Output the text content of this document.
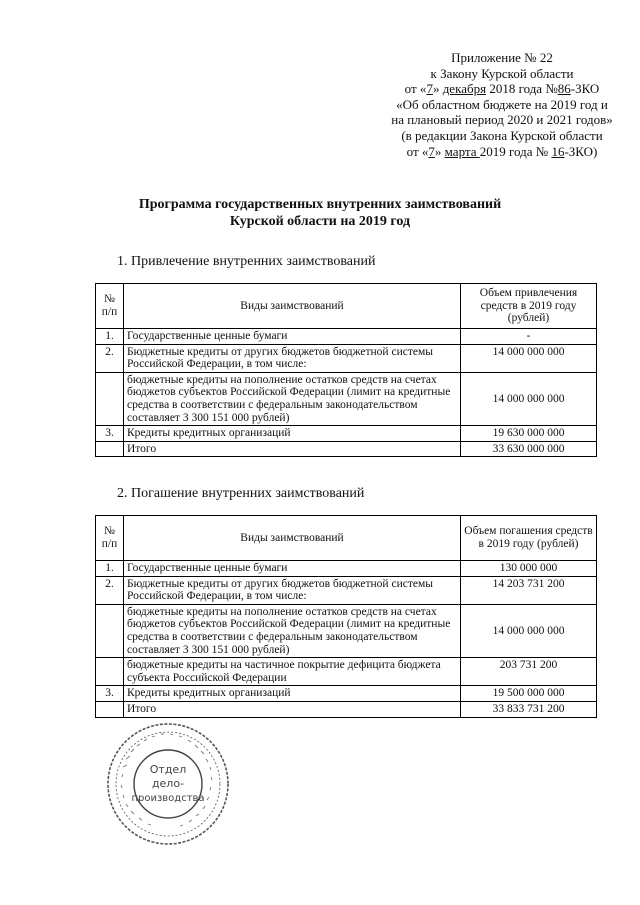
Приложение № 22
к Закону Курской области
от «7» декабря 2018 года №86-ЗКО
«Об областном бюджете на 2019 год и
на плановый период 2020 и 2021 годов»
(в редакции Закона Курской области
от «7» марта 2019 года № 16-ЗКО)
Программа государственных внутренних заимствований
Курской области на 2019 год
1. Привлечение внутренних заимствований
№ п/п	Виды заимствований	Объем привлечения средств в 2019 году (рублей)
1.	Государственные ценные бумаги	-
2.	Бюджетные кредиты от других бюджетов бюджетной системы Российской Федерации, в том числе:	14 000 000 000
	бюджетные кредиты на пополнение остатков средств на счетах бюджетов субъектов Российской Федерации (лимит на кредитные средства в соответствии с федеральным законодательством составляет 3 300 151 000 рублей)	14 000 000 000
3.	Кредиты кредитных организаций	19 630 000 000
	Итого	33 630 000 000
2. Погашение внутренних заимствований
№ п/п	Виды заимствований	Объем погашения средств в 2019 году (рублей)
1.	Государственные ценные бумаги	130 000 000
2.	Бюджетные кредиты от других бюджетов бюджетной системы Российской Федерации, в том числе:	14 203 731 200
	бюджетные кредиты на пополнение остатков средств на счетах бюджетов субъектов Российской Федерации (лимит на кредитные средства в соответствии с федеральным законодательством составляет 3 300 151 000 рублей)	14 000 000 000
	бюджетные кредиты на частичное покрытие дефицита бюджета субъекта Российской Федерации	203 731 200
3.	Кредиты кредитных организаций	19 500 000 000
	Итого	33 833 731 200
Отдел
дело-
производства
